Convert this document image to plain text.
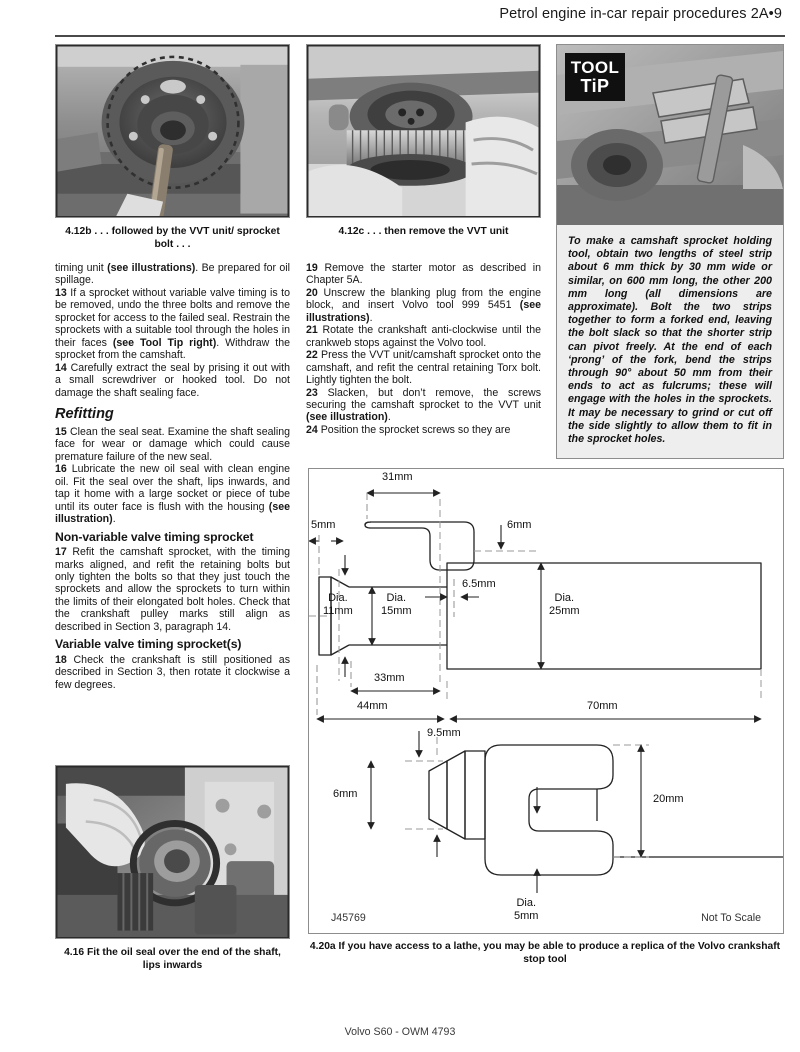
Petrol engine in-car repair procedures 2A•9
4.12b . . . followed by the VVT unit/ sprocket bolt . . .
4.12c . . . then remove the VVT unit
TOOL
TiP
To make a camshaft sprocket holding tool, obtain two lengths of steel strip about 6 mm thick by 30 mm wide or similar, on 600 mm long, the other 200 mm long (all dimensions are approximate). Bolt the two strips together to form a forked end, leaving the bolt slack so that the shorter strip can pivot freely. At the end of each ‘prong’ of the fork, bend the strips through 90° about 50 mm from their ends to act as fulcrums; these will engage with the holes in the sprockets. It may be necessary to grind or cut off the side slightly to allow them to fit in the sprocket holes.

timing unit (see illustrations). Be prepared for oil spillage.

13 If a sprocket without variable valve timing is to be removed, undo the three bolts and remove the sprocket for access to the failed seal. Restrain the sprockets with a suitable tool through the holes in their faces (see Tool Tip right). Withdraw the sprocket from the camshaft.

14 Carefully extract the seal by prising it out with a small screwdriver or hooked tool. Do not damage the shaft sealing face.

Refitting

15 Clean the seal seat. Examine the shaft sealing face for wear or damage which could cause premature failure of the new seal.

16 Lubricate the new oil seal with clean engine oil. Fit the seal over the shaft, lips inwards, and tap it home with a large socket or piece of tube until its outer face is flush with the housing (see illustration).

Non-variable valve timing sprocket

17 Refit the camshaft sprocket, with the timing marks aligned, and refit the retaining bolts but only tighten the bolts so that they just touch the sprockets and allow the sprockets to turn within the limits of their elongated bolt holes. Check that the crankshaft pulley marks still align as described in Section 3, paragraph 14.

Variable valve timing sprocket(s)

18 Check the crankshaft is still positioned as described in Section 3, then rotate it clockwise a few degrees.

19 Remove the starter motor as described in Chapter 5A.

20 Unscrew the blanking plug from the engine block, and insert Volvo tool 999 5451 (see illustrations).

21 Rotate the crankshaft anti-clockwise until the crankweb stops against the Volvo tool.

22 Press the VVT unit/camshaft sprocket onto the camshaft, and refit the central retaining Torx bolt. Lightly tighten the bolt.

23 Slacken, but don’t remove, the screws securing the camshaft sprocket to the VVT unit (see illustration).

24 Position the sprocket screws so they are

4.16 Fit the oil seal over the end of the shaft, lips inwards
31mm
5mm	6mm
6.5mm
Dia.
11mm
Dia.
15mm
Dia.
25mm
33mm
44mm	70mm
9.5mm
6mm	20mm
Dia.
5mm
J45769	Not To Scale
4.20a If you have access to a lathe, you may be able to produce a replica of the Volvo crankshaft stop tool
Volvo S60 - OWM 4793
